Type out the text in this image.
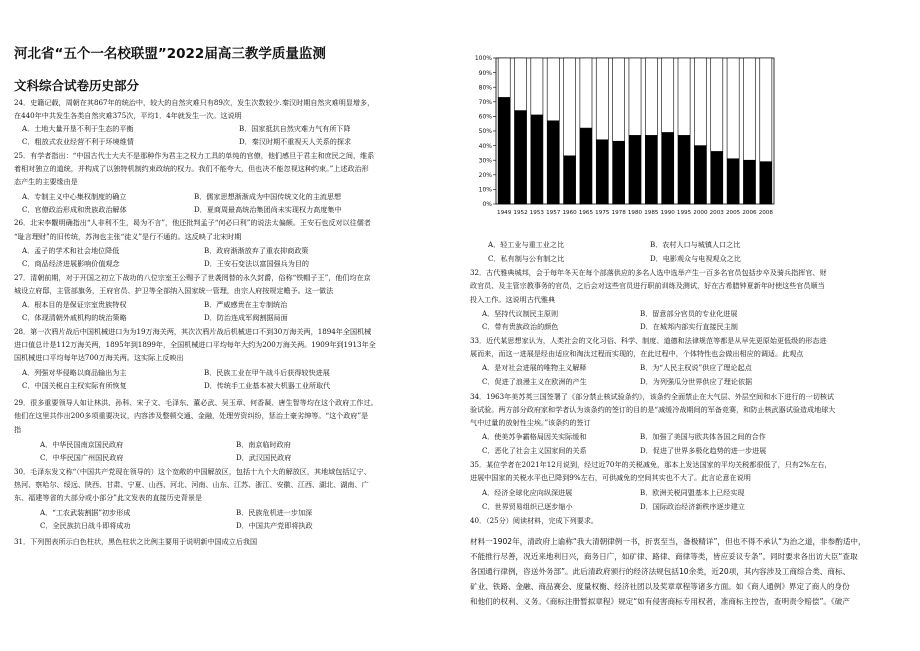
河北省“五个一名校联盟”2022届高三教学质量监测
文科综合试卷历史部分
24．史籍记载，周朝在其867年的统治中，较大的自然灾难只有89次，发生次数较少.秦汉时期自然灾难明显增多，
在440年中共发生各类自然灾难375次，平均1．4年就发生一次。这说明
A．土地大量开垦不利于生态的平衡	B．国家抵抗自然灾难力气有所下降
C．粗放式农业经营不利于环境维情	D．秦汉时期不重视天人关系的探求
25．有学者指出：“中国古代士大夫不是那种作为君主之权力工具的单纯的官僚，他们感旦于君主和庶民之间，维系
着相对独立的道统，并构成了以独特机制约束政统的权力。我们不能夸大，但也决不能忽视这种约束。”上述政治形
态产生的主要缘由是
A．专制主义中心集权制度的确立	B．儒家思想渐渐成为中国传统文化的主流思想
C．官僚政治形成和贵族政治解体	D．夏商周最高统治集团尚未实现权力高度集中
26．北宋李觏明确指出“人非利不生，曷为不言”，他还批判孟子“何必曰利”的说法太偏颇。王安石也反对以往儒者
“耻言理财”的旧传统，苏洵也主张“徒义”是行不通的。这反映了北宋时期
A．孟子的学术和社会地位降低	B．政府渐渐放弃了重农抑商政策
C．商品经济进展影响价值观念	D．王安石变法以富国强兵为目的
27．清朝前期，对于开国之初立下战功的八位宗室王公赐予了世袭罔替的永久封爵，俗称“铁帽子王”，他们均在京
城设立府邸，主管部旗务，王府官员、护卫等全部纳入国家统一管理，由宗人府按规定赡予。这一做法
A．根本目的是保证宗室贵族特权	B．严威感贵在主专制统治
C．体现清朝外戚机构的统治策略	D．防治连成军阀割据局面
28．第一次鸦片战后中国机械进口为为19万海关两，其次次鸦片战后机械进口不到30万海关两，1894年全国机械
进口值总计是112万海关两，1895年到1899年，全国机械进口平均每年大约为200万海关两。1909年到1913年全
国机械进口平均每年达700万海关两。这实际上反映出
A．列强对华侵略以商品输出为主	B．民族工业在甲午战斗后获得较快进展
C．中国关税自主权实际有所恢复	D．传统手工业基本被大机器工业所取代
29．很多重要领导人如让林洪、孙科、宋子文、毛泽东、董必武、吴玉章、何香凝、唐生智等均在这个政府工作过。
他们在这里共作出200多项重要决议，内容涉及整顿交通、金融，处理劳资纠纷，惩治土豪劣绅等。“这个政府”是
指
A．中华民国南京国民政府	B．南京临时政府
C．中华民国广州国民政府	D．武汉国民政府
30．毛泽东发文称“（中国共产党现在领导的）这个宽敞的中国解放区，包括十九个大的解放区，其地域包括辽宁、
热河、察哈尔、绥远、陕西、甘肃、宁夏、山西、河北、河南、山东、江苏、浙江、安徽、江西、湖北、湖南、广
东、福建等省的大部分或小部分”此文发表的直接历史背景是
A．“工农武装割据”初步形成	B．民族危机进一步加深
C．全民族抗日战斗即将成功	D．中国共产党即将执政
31．下列图表所示白色柱状，黑色柱状之比例主要用于说明新中国成立后我国
0%
10%
20%
30%
40%
50%
60%
70%
80%
90%
100%
1949 1952 1953 1957 1960 1965 1975 1978 1980 1985 1990 1995 2000 2003 2005 2006 2008
A．轻工业与重工业之比	B．农村人口与城镇人口之比
C．私有制与公有制之比	D．电影观众与电视观众之比
32．古代雅典城邦，会于每年冬天在每个部落供应的多名人选中选举产生一百多名官员包括步卒及骑兵指挥官、财
政官员、及主管宗教事务的官员，之后会对这些官员进行职前训练及测试，好在古希腊钟夏新年时使这些官员顺当
投入工作。这说明古代雅典
A．坚持代议制民主原则	B．留意部分官员的专业化进展
C．带有贵族政治的颜色	D．在城邦内部实行直接民主制
33．近代某思想家认为，人类社会的文化习俗、科学、制度、道德和法律规范等都是从早先更原始更低级的形态进
展而来，而这一进展是经由适应和淘汰过程而实现的，在此过程中，个体特性也会做出相应的调适。此观点
A．是对社会进展的唯物主义解释	B．为“人民主权说”供应了理论起点
C．促进了浪漫主义在欧洲的产生	D．为列强瓜分世界供应了理论依据
34．1963年美苏英三国签署了《部分禁止核试验条约》，该条约全面禁止在大气层、外层空间和水下进行的一切核试
验试验。两方部分政府家和学者认为该条约的签订的目的是“减缓冷战期间的军备竞赛，和防止核武器试验造成地球大
气中过量的放射性尘埃。”该条约的签订
A．使美苏争霸格局因关实际缓和	B．加强了美国与欧共体各国之间的合作
C．恶化了社会主义国家间的关系	D．促进了世界多极化趋势的进一步进展
35．某位学者在2021年12月说到，经过近70年的关税减免，那本上发达国家的平均关税都很低了，只有2%左右，
进展中国家的关税水平也已降到9%左右，可供减免的空间其实也不大了。此言论意在说明
A．经济全球化应向纵深进展	B．欧洲关税同盟基本上已经实现
C．世界贸易组织已逐步缩小	D．国际政治经济新秩序逐步建立
40．（25分）阅读材料，完成下列要求。
材料一1902年，清政府上谕称“我大清朝律例一书，折衷至当，备极精详”，但也不得不承认“为治之道，非参酌适中，
不能推行尽善，况近来地利日兴，商务日广，如矿律、路律、商律等类，皆应妥议专条”。同时要求各出访大臣“查取
各国通行律例，咨送外务部”。此后清政府颁行的经济法规包括10余类，近20项，其内容涉及工商综合类、商标、
矿业、铁路、金融、商品赛会、度量权衡、经济社团以及奖章章程等诸多方面。如《商人通例》界定了商人的身份
和他们的权利、义务。《商标注册暂拟章程》规定“如有侵害商标专用权者，准商标主控告，查明责令赔偿”。《破产
